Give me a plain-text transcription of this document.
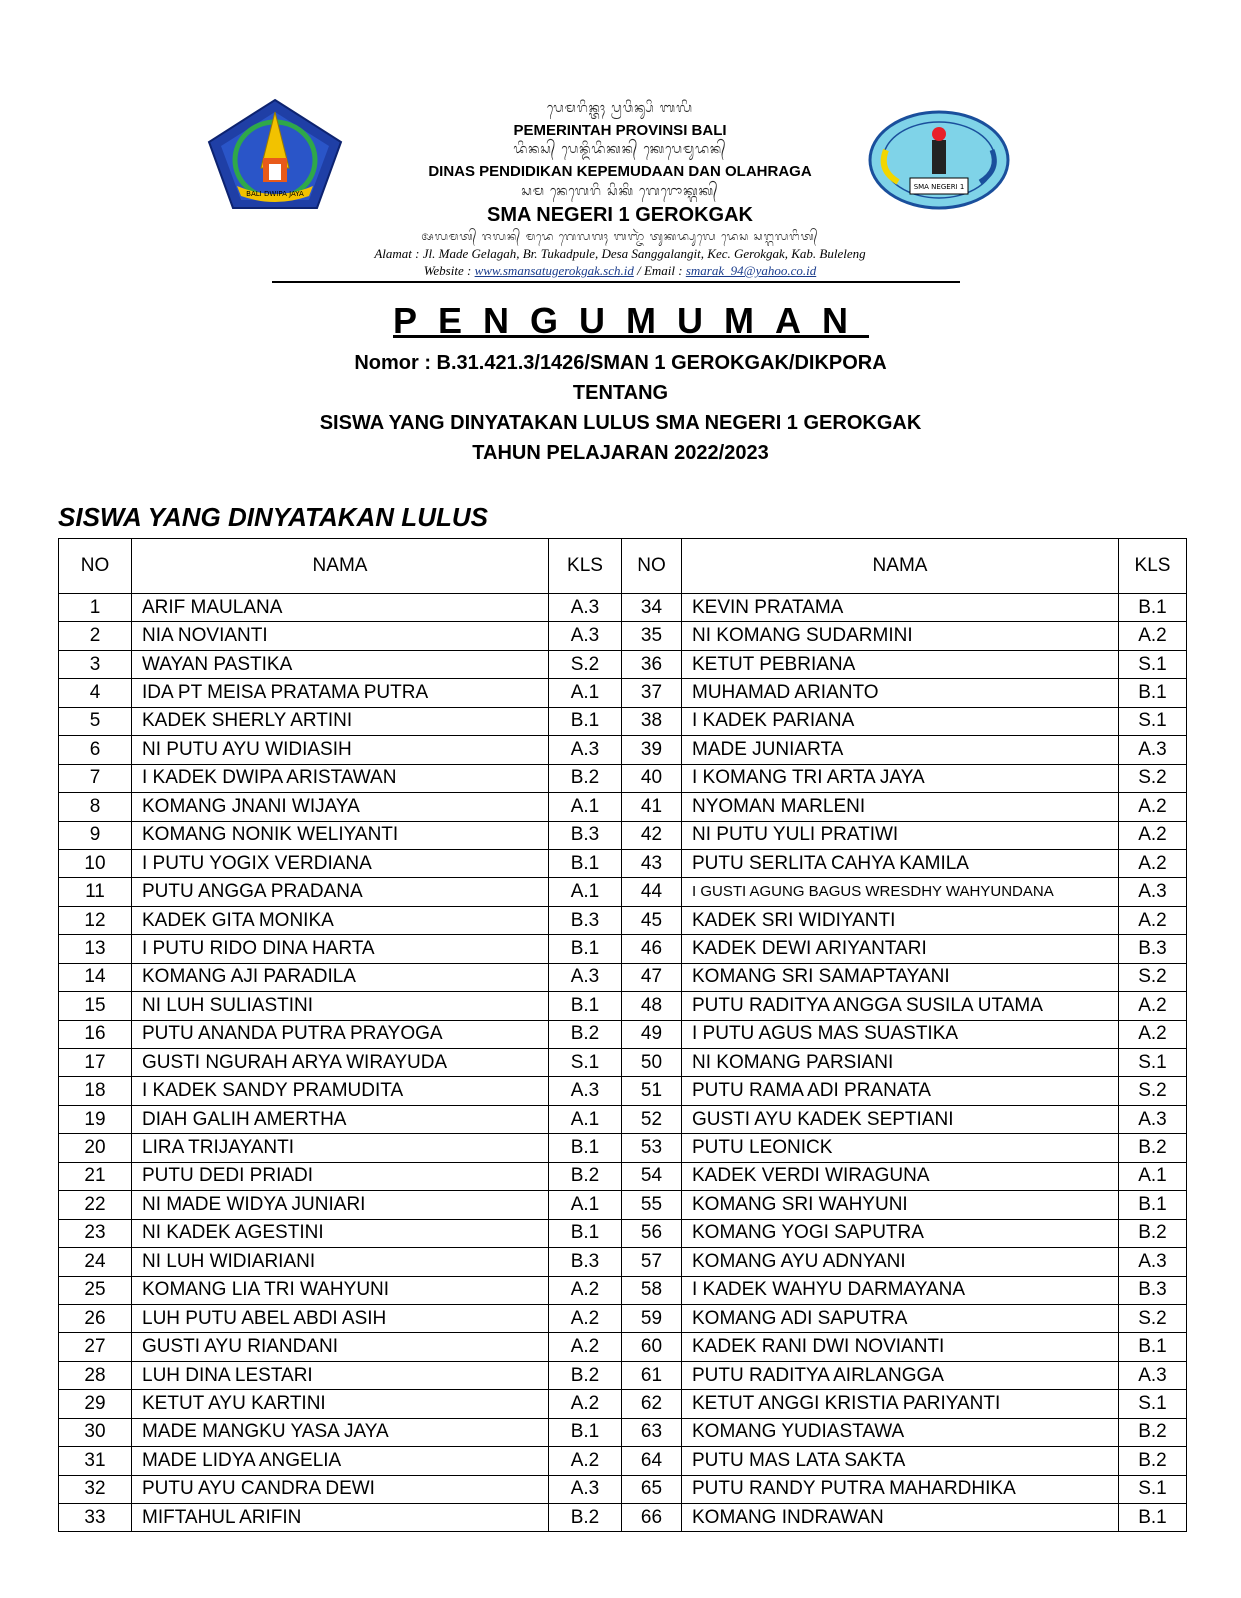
BALI DWIPA JAYA
SMA NEGERI 1
ᬧᬾᬫᬭᬶᬦ᭄ᬢᬄ ᬧ᭄ᬭᬯᬶᬦ᭄ᬲᬶ ᬩᬮᬶ
PEMERINTAH PROVINSI BALI
ᬤᬶᬦᬲ᭄ ᬧᬾᬦ᭄ᬤᬶᬤᬶᬓᬦ᭄ ᬓᬾᬧᬾᬫᬸᬤᬦ᭄
DINAS PENDIDIKAN KEPEMUDAAN DAN OLAHRAGA
ᬲᬫ ᬦᬾᬕᬾᬭᬶ ᬲᬶᬓᬶ ᬕᬾᬭᭀᬓ᭄ᬕᬓ᭄
SMA NEGERI 1 GEROKGAK
ᬅᬮᬫᬢ᭄ ᬚᬮᬦ᭄ ᬫᬤᬾ ᬕᬾᬮᬕᬄ ᬩᬜ᭄ᬚᬃ ᬢᬸᬓᬤ᭄ᬧᬸᬮᬾ ᬤᬾᬲ ᬲᬗ᭄ᬕᬮᬗᬶᬢ᭄
Alamat : Jl. Made Gelagah, Br. Tukadpule, Desa Sanggalangit, Kec. Gerokgak, Kab. Buleleng
Website : www.smansatugerokgak.sch.id / Email : smarak_94@yahoo.co.id
PENGUMUMAN
Nomor : B.31.421.3/1426/SMAN 1 GEROKGAK/DIKPORA
TENTANG
SISWA YANG DINYATAKAN LULUS SMA NEGERI 1 GEROKGAK
TAHUN PELAJARAN 2022/2023
SISWA YANG DINYATAKAN LULUS
NO	NAMA	KLS	NO	NAMA	KLS
1	ARIF MAULANA	A.3	34	KEVIN PRATAMA	B.1
2	NIA NOVIANTI	A.3	35	NI KOMANG SUDARMINI	A.2
3	WAYAN PASTIKA	S.2	36	KETUT PEBRIANA	S.1
4	IDA PT MEISA PRATAMA PUTRA	A.1	37	MUHAMAD ARIANTO	B.1
5	KADEK SHERLY ARTINI	B.1	38	I KADEK PARIANA	S.1
6	NI PUTU AYU WIDIASIH	A.3	39	MADE JUNIARTA	A.3
7	I KADEK DWIPA ARISTAWAN	B.2	40	I KOMANG TRI ARTA JAYA	S.2
8	KOMANG JNANI WIJAYA	A.1	41	NYOMAN MARLENI	A.2
9	KOMANG NONIK WELIYANTI	B.3	42	NI PUTU YULI PRATIWI	A.2
10	I PUTU YOGIX VERDIANA	B.1	43	PUTU SERLITA CAHYA KAMILA	A.2
11	PUTU ANGGA PRADANA	A.1	44	I GUSTI AGUNG BAGUS WRESDHY WAHYUNDANA	A.3
12	KADEK GITA MONIKA	B.3	45	KADEK SRI WIDIYANTI	A.2
13	I PUTU RIDO DINA HARTA	B.1	46	KADEK DEWI ARIYANTARI	B.3
14	KOMANG AJI PARADILA	A.3	47	KOMANG SRI SAMAPTAYANI	S.2
15	NI LUH SULIASTINI	B.1	48	PUTU RADITYA ANGGA SUSILA UTAMA	A.2
16	PUTU ANANDA PUTRA PRAYOGA	B.2	49	I PUTU AGUS MAS SUASTIKA	A.2
17	GUSTI NGURAH ARYA WIRAYUDA	S.1	50	NI KOMANG PARSIANI	S.1
18	I KADEK SANDY PRAMUDITA	A.3	51	PUTU RAMA ADI PRANATA	S.2
19	DIAH GALIH AMERTHA	A.1	52	GUSTI AYU KADEK SEPTIANI	A.3
20	LIRA TRIJAYANTI	B.1	53	PUTU LEONICK	B.2
21	PUTU DEDI PRIADI	B.2	54	KADEK VERDI WIRAGUNA	A.1
22	NI MADE WIDYA JUNIARI	A.1	55	KOMANG SRI WAHYUNI	B.1
23	NI KADEK AGESTINI	B.1	56	KOMANG YOGI SAPUTRA	B.2
24	NI LUH WIDIARIANI	B.3	57	KOMANG AYU ADNYANI	A.3
25	KOMANG LIA TRI WAHYUNI	A.2	58	I KADEK WAHYU DARMAYANA	B.3
26	LUH PUTU ABEL ABDI ASIH	A.2	59	KOMANG ADI SAPUTRA	S.2
27	GUSTI AYU RIANDANI	A.2	60	KADEK RANI DWI NOVIANTI	B.1
28	LUH DINA LESTARI	B.2	61	PUTU RADITYA AIRLANGGA	A.3
29	KETUT AYU KARTINI	A.2	62	KETUT ANGGI KRISTIA PARIYANTI	S.1
30	MADE MANGKU YASA JAYA	B.1	63	KOMANG YUDIASTAWA	B.2
31	MADE LIDYA ANGELIA	A.2	64	PUTU MAS LATA SAKTA	B.2
32	PUTU AYU CANDRA DEWI	A.3	65	PUTU RANDY PUTRA MAHARDHIKA	S.1
33	MIFTAHUL ARIFIN	B.2	66	KOMANG INDRAWAN	B.1
